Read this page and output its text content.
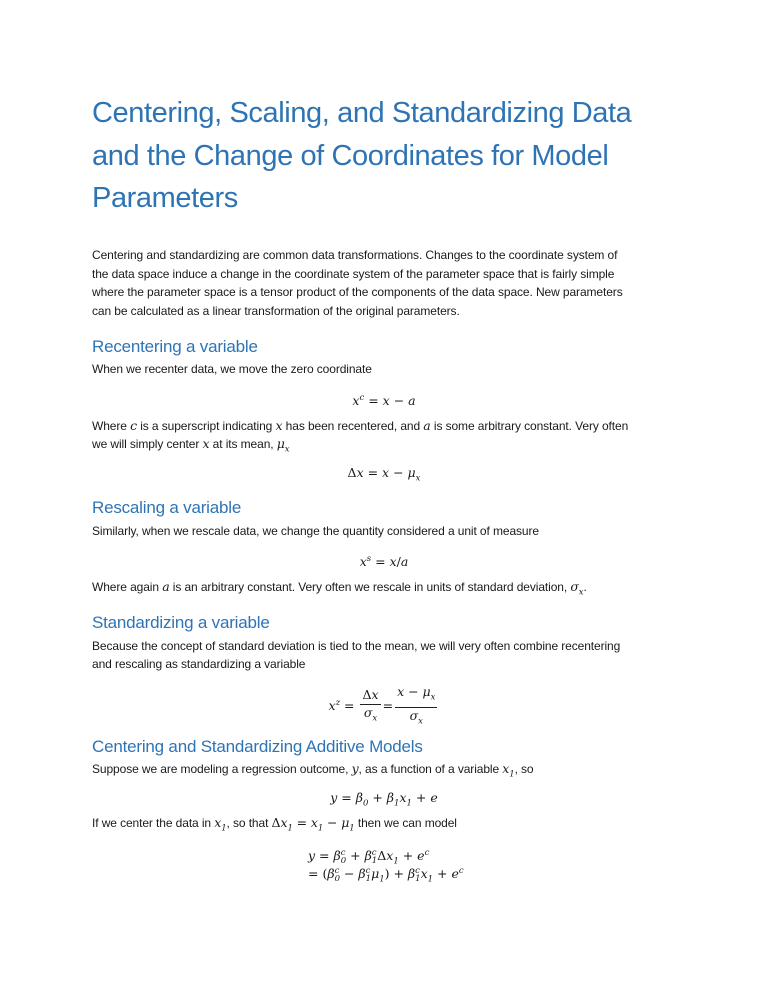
Centering, Scaling, and Standardizing Data
and the Change of Coordinates for Model
Parameters
Centering and standardizing are common data transformations. Changes to the coordinate system of
the data space induce a change in the coordinate system of the parameter space that is fairly simple
where the parameter space is a tensor product of the components of the data space. New parameters
can be calculated as a linear transformation of the original parameters.
Recentering a variable
When we recenter data, we move the zero coordinate
$x^c = x - a$
Where c is a superscript indicating x has been recentered, and a is some arbitrary constant. Very often
we will simply center x at its mean, $\mu_x$
$\Delta x = x - \mu_x$
Rescaling a variable
Similarly, when we rescale data, we change the quantity considered a unit of measure
$x^s = x/a$
Where again a is an arbitrary constant. Very often we rescale in units of standard deviation, $\sigma_x$.
Standardizing a variable
Because the concept of standard deviation is tied to the mean, we will very often combine recentering
and rescaling as standardizing a variable
$x^z = \frac{\Delta x}{\sigma_x} = \frac{x - \mu_x}{\sigma_x}$
Centering and Standardizing Additive Models
Suppose we are modeling a regression outcome, y, as a function of a variable $x_1$, so
$y = \beta_0 + \beta_1x_1 + e$
If we center the data in $x_1$, so that $\Delta x_1 = x_1 - \mu_1$ then we can model
y = β c
0 + β c
1 $\Delta x_1 + e^c$
= (β c
0 − β c
1 $\mu_1) + \beta$ c
1 $x_1 + e^c$
